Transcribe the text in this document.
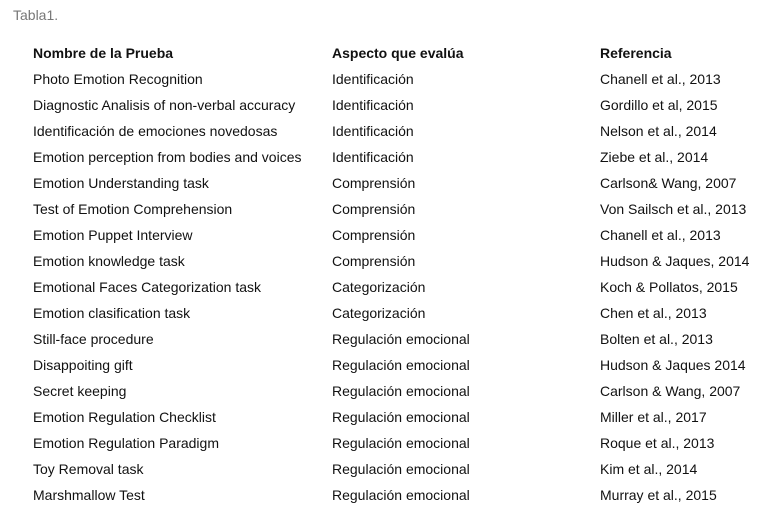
Tabla1.
Nombre de la Prueba	Aspecto que evalúa	Referencia
Photo Emotion Recognition	Identificación	Chanell et al., 2013
Diagnostic Analisis of non-verbal accuracy	Identificación	Gordillo et al, 2015
Identificación de emociones novedosas	Identificación	Nelson et al., 2014
Emotion perception from bodies and voices	Identificación	Ziebe et al., 2014
Emotion Understanding task	Comprensión	Carlson& Wang, 2007
Test of Emotion Comprehension	Comprensión	Von Sailsch et al., 2013
Emotion Puppet Interview	Comprensión	Chanell et al., 2013
Emotion knowledge task	Comprensión	Hudson & Jaques, 2014
Emotional Faces Categorization task	Categorización	Koch & Pollatos, 2015
Emotion clasification task	Categorización	Chen et al., 2013
Still-face procedure	Regulación emocional	Bolten et al., 2013
Disappoiting gift	Regulación emocional	Hudson & Jaques 2014
Secret keeping	Regulación emocional	Carlson & Wang, 2007
Emotion Regulation Checklist	Regulación emocional	Miller et al., 2017
Emotion Regulation Paradigm	Regulación emocional	Roque et al., 2013
Toy Removal task	Regulación emocional	Kim et al., 2014
Marshmallow Test	Regulación emocional	Murray et al., 2015
